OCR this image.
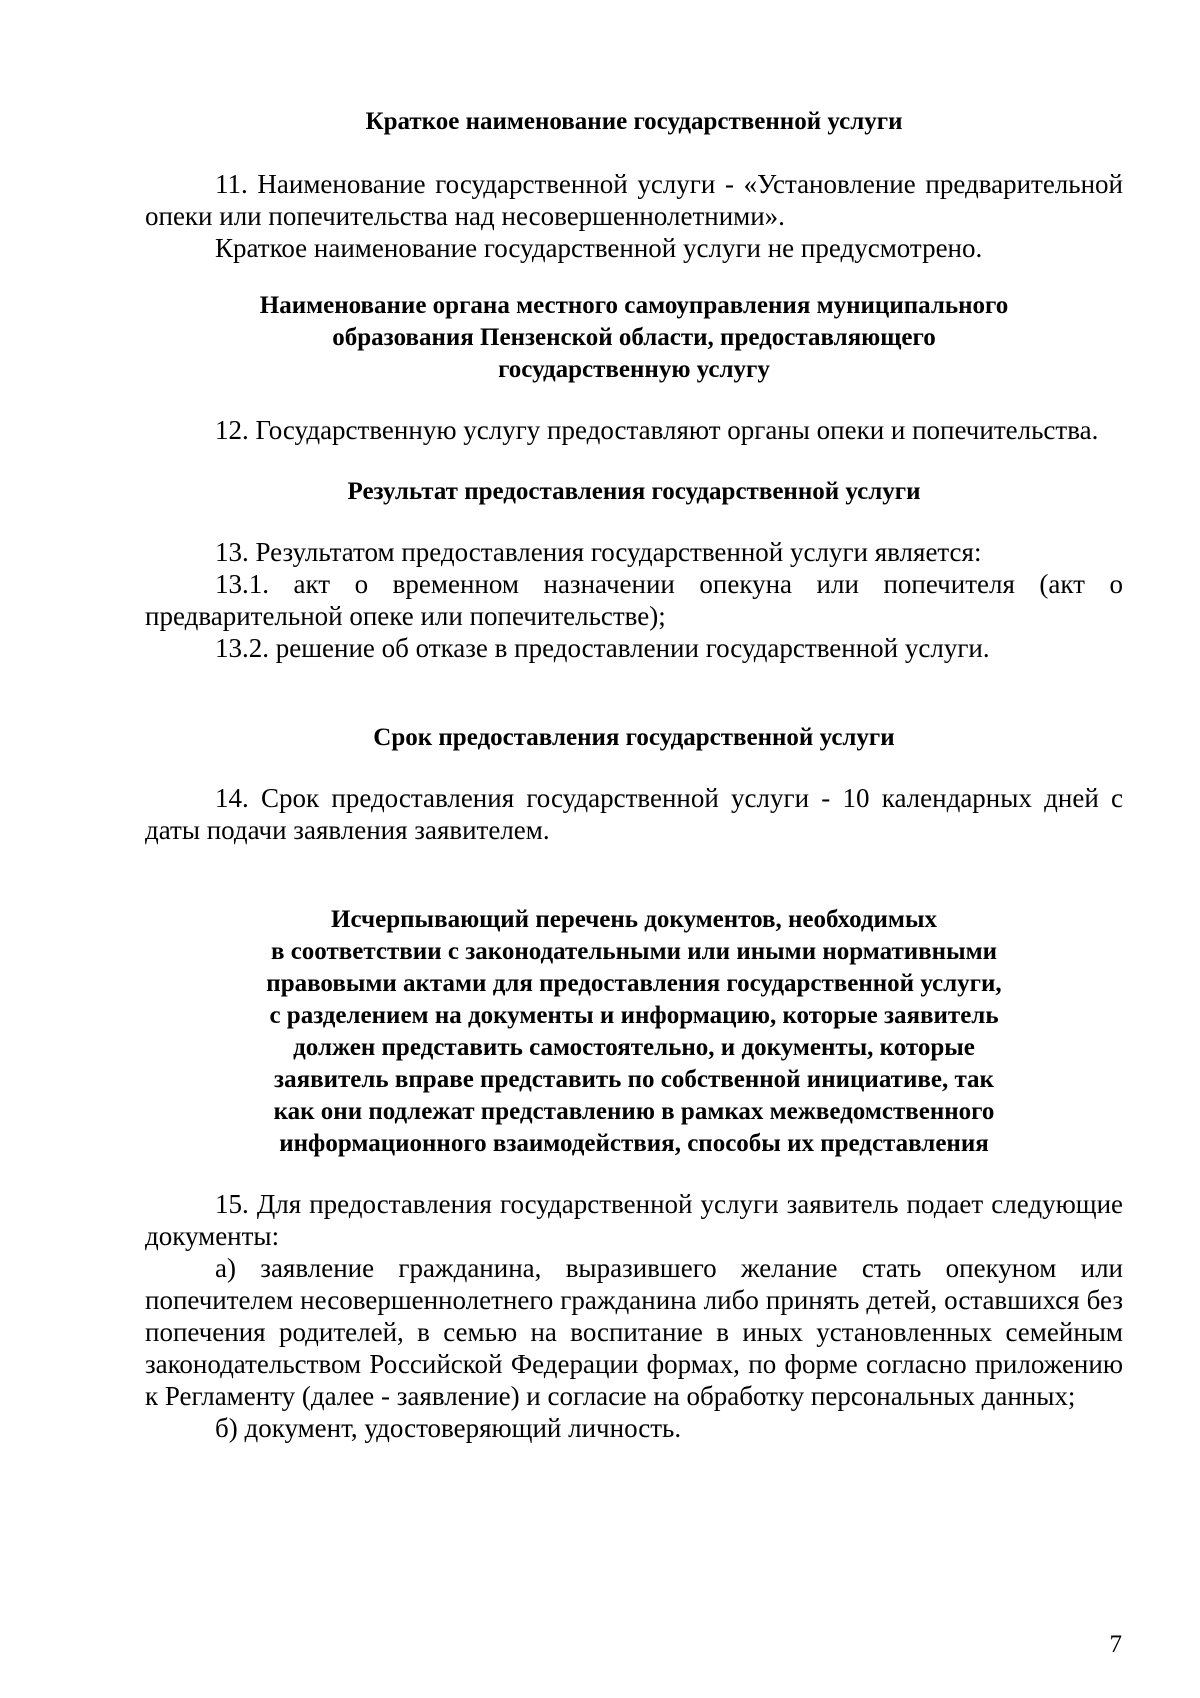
Краткое наименование государственной услуги

11. Наименование государственной услуги - «Установление предварительной опеки или попечительства над несовершеннолетними».

Краткое наименование государственной услуги не предусмотрено.

Наименование органа местного самоуправления муниципального
образования Пензенской области, предоставляющего
государственную услугу

12. Государственную услугу предоставляют органы опеки и попечительства.

Результат предоставления государственной услуги

13. Результатом предоставления государственной услуги является:

13.1. акт о временном назначении опекуна или попечителя (акт о предварительной опеке или попечительстве);

13.2. решение об отказе в предоставлении государственной услуги.

Срок предоставления государственной услуги

14. Срок предоставления государственной услуги - 10 календарных дней с даты подачи заявления заявителем.

Исчерпывающий перечень документов, необходимых
в соответствии с законодательными или иными нормативными
правовыми актами для предоставления государственной услуги,
с разделением на документы и информацию, которые заявитель
должен представить самостоятельно, и документы, которые
заявитель вправе представить по собственной инициативе, так
как они подлежат представлению в рамках межведомственного
информационного взаимодействия, способы их представления

15. Для предоставления государственной услуги заявитель подает следующие документы:

а) заявление гражданина, выразившего желание стать опекуном или попечителем несовершеннолетнего гражданина либо принять детей, оставшихся без попечения родителей, в семью на воспитание в иных установленных семейным законодательством Российской Федерации формах, по форме согласно приложению к Регламенту (далее - заявление) и согласие на обработку персональных данных;

б) документ, удостоверяющий личность.

7
